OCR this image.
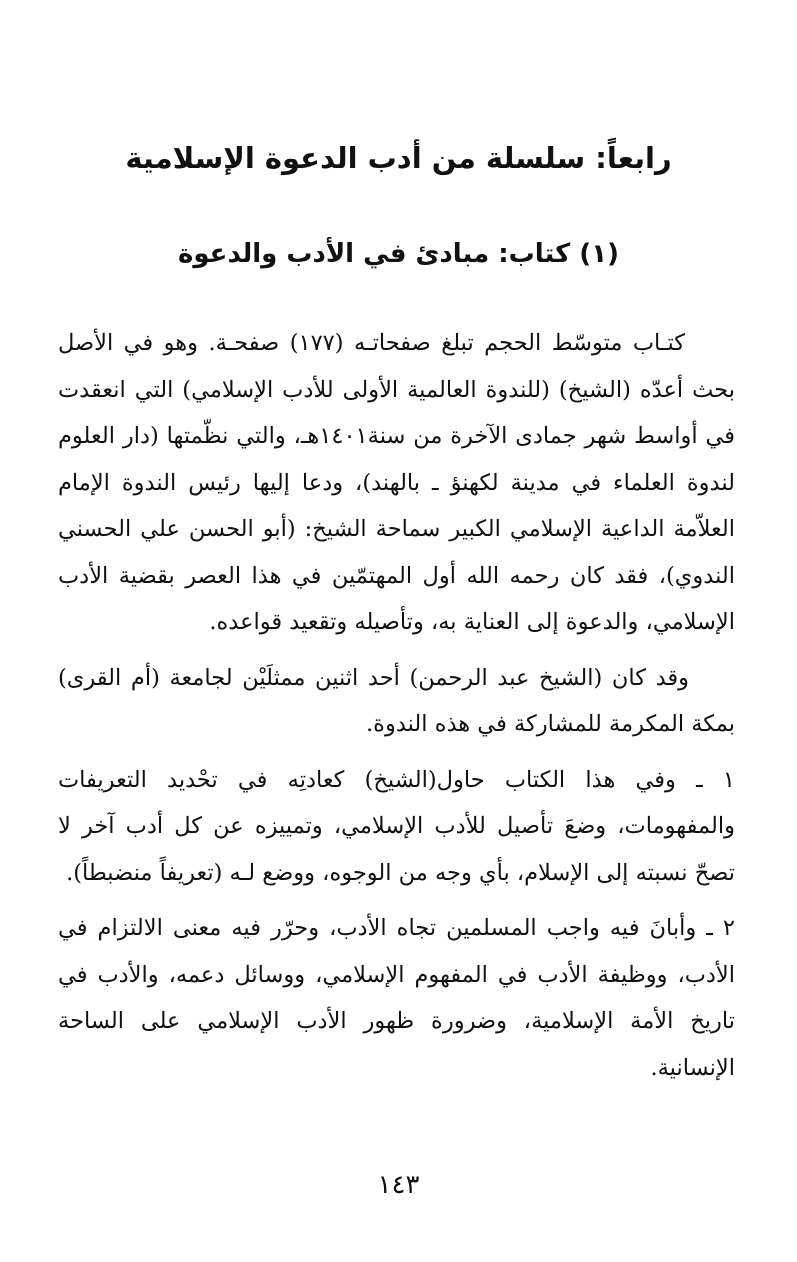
رابعاً: سلسلة من أدب الدعوة الإسلامية
(١) كتاب: مبادئ في الأدب والدعوة

كتـاب متوسّط الحجم تبلغ صفحاتـه (١٧٧) صفحـة. وهو في الأصل بحث أعدّه (الشيخ) (للندوة العالمية الأولى للأدب الإسلامي) التي انعقدت في أواسط شهر جمادى الآخرة من سنة١٤٠١هـ، والتي نظّمتها (دار العلوم لندوة العلماء في مدينة لكهنؤ ـ بالهند)، ودعا إليها رئيس الندوة الإمام العلاّمة الداعية الإسلامي الكبير سماحة الشيخ: (أبو الحسن علي الحسني الندوي)، فقد كان رحمه الله أول المهتمّين في هذا العصر بقضية الأدب الإسلامي، والدعوة إلى العناية به، وتأصيله وتقعيد قواعده.

وقد كان (الشيخ عبد الرحمن) أحد اثنين ممثلَيْن لجامعة (أم القرى) بمكة المكرمة للمشاركة في هذه الندوة.

١ ـ وفي هذا الكتاب حاول(الشيخ) كعادتِه في تحْديد التعريفات والمفهومات، وضعَ تأصيل للأدب الإسلامي، وتمييزه عن كل أدب آخر لا تصحّ نسبته إلى الإسلام، بأي وجه من الوجوه، ووضع لـه (تعريفاً منضبطاً).

٢ ـ وأبانَ فيه واجب المسلمين تجاه الأدب، وحرّر فيه معنى الالتزام في الأدب، ووظيفة الأدب في المفهوم الإسلامي، ووسائل دعمه، والأدب في تاريخ الأمة الإسلامية، وضرورة ظهور الأدب الإسلامي على الساحة الإنسانية.

١٤٣
